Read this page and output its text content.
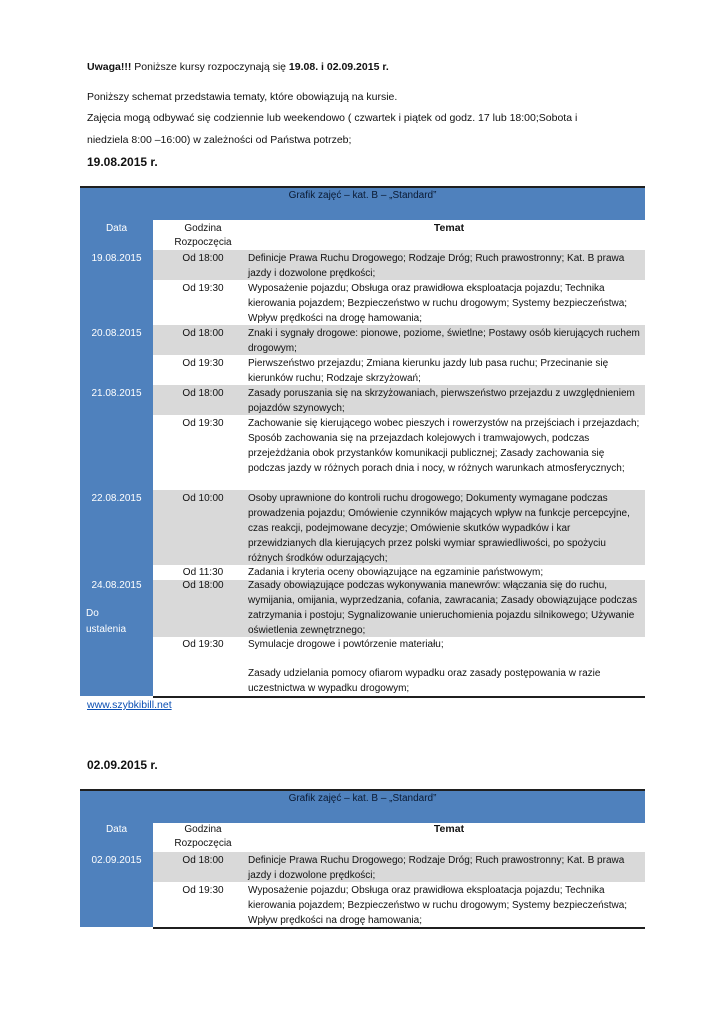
Uwaga!!! Poniższe kursy rozpoczynają się 19.08. i 02.09.2015 r.

Poniższy schemat przedstawia tematy, które obowiązują na kursie.

Zajęcia mogą odbywać się codziennie lub weekendowo ( czwartek i piątek od godz. 17 lub 18:00;Sobota i

niedziela 8:00 –16:00) w zależności od Państwa potrzeb;

19.08.2015 r.

Grafik zajęć – kat. B – „Standard”
Data	Godzina
Rozpoczęcia
Temat
19.08.2015	Od 18:00	Definicje Prawa Ruchu Drogowego; Rodzaje Dróg; Ruch prawostronny; Kat. B prawa jazdy i dozwolone prędkości;
Od 19:30	Wyposażenie pojazdu; Obsługa oraz prawidłowa eksploatacja pojazdu; Technika kierowania pojazdem; Bezpieczeństwo w ruchu drogowym; Systemy bezpieczeństwa; Wpływ prędkości na drogę hamowania;
20.08.2015	Od 18:00	Znaki i sygnały drogowe: pionowe, poziome, świetlne; Postawy osób kierujących ruchem drogowym;
Od 19:30	Pierwszeństwo przejazdu; Zmiana kierunku jazdy lub pasa ruchu; Przecinanie się kierunków ruchu; Rodzaje skrzyżowań;
21.08.2015	Od 18:00	Zasady poruszania się na skrzyżowaniach, pierwszeństwo przejazdu z uwzględnieniem pojazdów szynowych;
Od 19:30	Zachowanie się kierującego wobec pieszych i rowerzystów na przejściach i przejazdach; Sposób zachowania się na przejazdach kolejowych i tramwajowych, podczas przejeżdżania obok przystanków komunikacji publicznej; Zasady zachowania się podczas jazdy w różnych porach dnia i nocy, w różnych warunkach atmosferycznych;
22.08.2015	Od 10:00	Osoby uprawnione do kontroli ruchu drogowego; Dokumenty wymagane podczas prowadzenia pojazdu; Omówienie czynników mających wpływ na funkcje percepcyjne, czas reakcji, podejmowane decyzje; Omówienie skutków wypadków i kar przewidzianych dla kierujących przez polski wymiar sprawiedliwości, po spożyciu różnych środków odurzających;
Od 11:30	Zadania i kryteria oceny obowiązujące na egzaminie państwowym;
24.08.2015	Od 18:00	Zasady obowiązujące podczas wykonywania manewrów: włączania się do ruchu, wymijania, omijania, wyprzedzania, cofania, zawracania; Zasady obowiązujące podczas zatrzymania i postoju; Sygnalizowanie unieruchomienia pojazdu silnikowego; Używanie oświetlenia zewnętrznego;
Do
ustalenia
Od 19:30	Symulacje drogowe i powtórzenie materiału;
Zasady udzielania pomocy ofiarom wypadku oraz zasady postępowania w razie uczestnictwa w wypadku drogowym;
www.szybkibill.net

02.09.2015 r.

Grafik zajęć – kat. B – „Standard”
Data	Godzina
Rozpoczęcia
Temat
02.09.2015	Od 18:00	Definicje Prawa Ruchu Drogowego; Rodzaje Dróg; Ruch prawostronny; Kat. B prawa jazdy i dozwolone prędkości;
Od 19:30	Wyposażenie pojazdu; Obsługa oraz prawidłowa eksploatacja pojazdu; Technika kierowania pojazdem; Bezpieczeństwo w ruchu drogowym; Systemy bezpieczeństwa; Wpływ prędkości na drogę hamowania;
